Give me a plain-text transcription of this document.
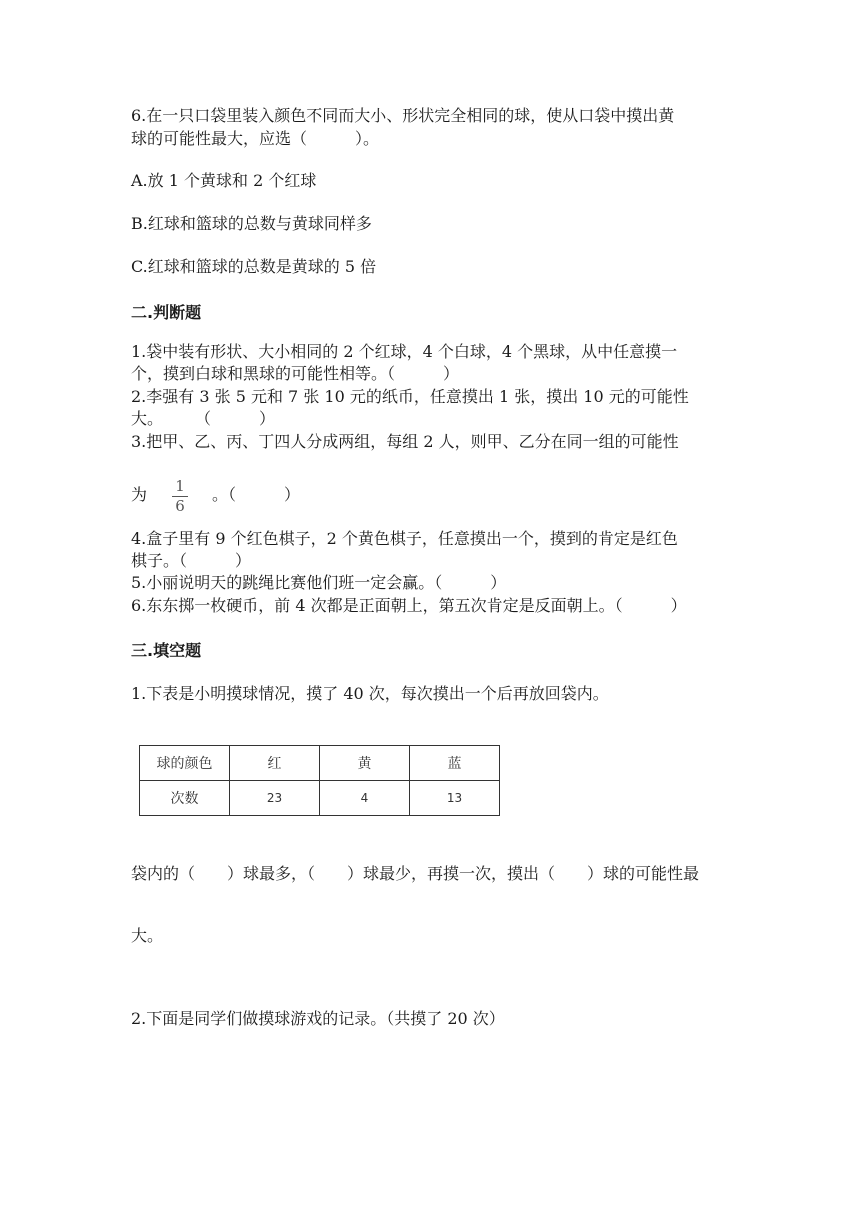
6.在一只口袋里装入颜色不同而大小、形状完全相同的球，使从口袋中摸出黄

球的可能性最大，应选（　　　）。

A.放 1 个黄球和 2 个红球

B.红球和篮球的总数与黄球同样多

C.红球和篮球的总数是黄球的 5 倍

二.判断题

1.袋中装有形状、大小相同的 2 个红球，4 个白球，4 个黑球，从中任意摸一

个，摸到白球和黑球的可能性相等。（　　　）

2.李强有 3 张 5 元和 7 张 10 元的纸币，任意摸出 1 张，摸出 10 元的可能性

大。　　　（　　　）

3.把甲、乙、丙、丁四人分成两组，每组 2 人，则甲、乙分在同一组的可能性

为 1
6

。（　　　）

4.盒子里有 9 个红色棋子，2 个黄色棋子，任意摸出一个，摸到的肯定是红色

棋子。（　　　）

5.小丽说明天的跳绳比赛他们班一定会赢。（　　　）

6.东东掷一枚硬币，前 4 次都是正面朝上，第五次肯定是反面朝上。（　　　）

三.填空题

1.下表是小明摸球情况，摸了 40 次，每次摸出一个后再放回袋内。

球的颜色	红	黄	蓝
次数	23	4	13

袋内的（　　）球最多，（　　）球最少，再摸一次，摸出（　　）球的可能性最

大。

2.下面是同学们做摸球游戏的记录。（共摸了 20 次）
